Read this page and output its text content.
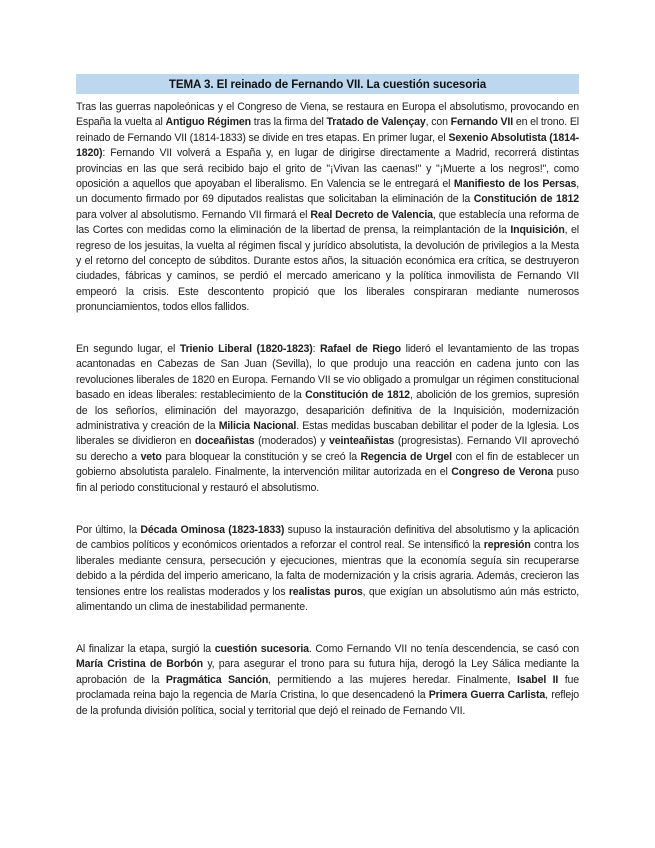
TEMA 3. El reinado de Fernando VII. La cuestión sucesoria

Tras las guerras napoleónicas y el Congreso de Viena, se restaura en Europa el absolutismo, provocando en España la vuelta al Antiguo Régimen tras la firma del Tratado de Valençay, con Fernando VII en el trono. El reinado de Fernando VII (1814-1833) se divide en tres etapas. En primer lugar, el Sexenio Absolutista (1814-1820): Fernando VII volverá a España y, en lugar de dirigirse directamente a Madrid, recorrerá distintas provincias en las que será recibido bajo el grito de "¡Vivan las caenas!" y "¡Muerte a los negros!", como oposición a aquellos que apoyaban el liberalismo. En Valencia se le entregará el Manifiesto de los Persas, un documento firmado por 69 diputados realistas que solicitaban la eliminación de la Constitución de 1812 para volver al absolutismo. Fernando VII firmará el Real Decreto de Valencia, que establecía una reforma de las Cortes con medidas como la eliminación de la libertad de prensa, la reimplantación de la Inquisición, el regreso de los jesuitas, la vuelta al régimen fiscal y jurídico absolutista, la devolución de privilegios a la Mesta y el retorno del concepto de súbditos. Durante estos años, la situación económica era crítica, se destruyeron ciudades, fábricas y caminos, se perdió el mercado americano y la política inmovilista de Fernando VII empeoró la crisis. Este descontento propició que los liberales conspiraran mediante numerosos pronunciamientos, todos ellos fallidos.

En segundo lugar, el Trienio Liberal (1820-1823): Rafael de Riego lideró el levantamiento de las tropas acantonadas en Cabezas de San Juan (Sevilla), lo que produjo una reacción en cadena junto con las revoluciones liberales de 1820 en Europa. Fernando VII se vio obligado a promulgar un régimen constitucional basado en ideas liberales: restablecimiento de la Constitución de 1812, abolición de los gremios, supresión de los señoríos, eliminación del mayorazgo, desaparición definitiva de la Inquisición, modernización administrativa y creación de la Milicia Nacional. Estas medidas buscaban debilitar el poder de la Iglesia. Los liberales se dividieron en doceañistas (moderados) y veinteañistas (progresistas). Fernando VII aprovechó su derecho a veto para bloquear la constitución y se creó la Regencia de Urgel con el fin de establecer un gobierno absolutista paralelo. Finalmente, la intervención militar autorizada en el Congreso de Verona puso fin al periodo constitucional y restauró el absolutismo.

Por último, la Década Ominosa (1823-1833) supuso la instauración definitiva del absolutismo y la aplicación de cambios políticos y económicos orientados a reforzar el control real. Se intensificó la represión contra los liberales mediante censura, persecución y ejecuciones, mientras que la economía seguía sin recuperarse debido a la pérdida del imperio americano, la falta de modernización y la crisis agraria. Además, crecieron las tensiones entre los realistas moderados y los realistas puros, que exigían un absolutismo aún más estricto, alimentando un clima de inestabilidad permanente.

Al finalizar la etapa, surgió la cuestión sucesoria. Como Fernando VII no tenía descendencia, se casó con María Cristina de Borbón y, para asegurar el trono para su futura hija, derogó la Ley Sálica mediante la aprobación de la Pragmática Sanción, permitiendo a las mujeres heredar. Finalmente, Isabel II fue proclamada reina bajo la regencia de María Cristina, lo que desencadenó la Primera Guerra Carlista, reflejo de la profunda división política, social y territorial que dejó el reinado de Fernando VII.
